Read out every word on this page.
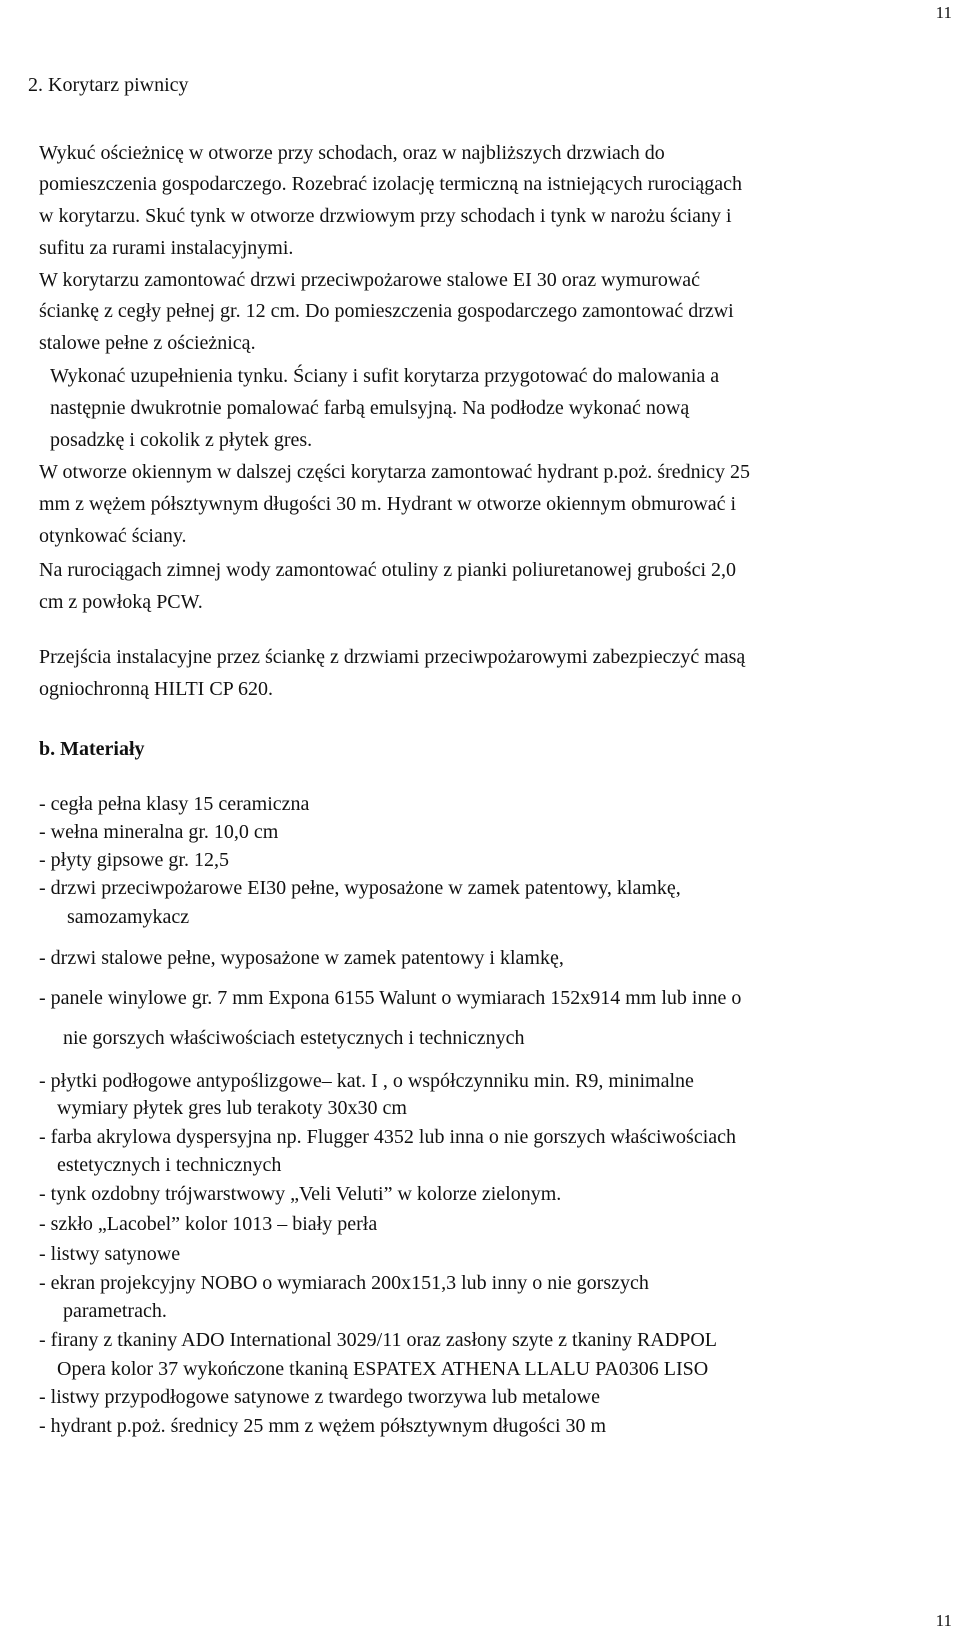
11
2. Korytarz piwnicy
Wykuć ościeżnicę w otworze przy schodach, oraz w najbliższych drzwiach do
pomieszczenia gospodarczego. Rozebrać izolację termiczną na istniejących rurociągach
w korytarzu. Skuć tynk w otworze drzwiowym przy schodach i tynk w narożu ściany i
sufitu za rurami instalacyjnymi.
W korytarzu zamontować drzwi przeciwpożarowe stalowe EI 30 oraz wymurować
ściankę z cegły pełnej gr. 12 cm. Do pomieszczenia gospodarczego zamontować drzwi
stalowe pełne z ościeżnicą.
Wykonać uzupełnienia tynku. Ściany i sufit korytarza przygotować do malowania a
następnie dwukrotnie pomalować farbą emulsyjną. Na podłodze wykonać nową
posadzkę i cokolik z płytek gres.
W otworze okiennym w dalszej części korytarza zamontować hydrant p.poż. średnicy 25
mm z wężem półsztywnym długości 30 m. Hydrant w otworze okiennym obmurować i
otynkować ściany.
Na rurociągach zimnej wody zamontować otuliny z pianki poliuretanowej grubości 2,0
cm z powłoką PCW.
Przejścia instalacyjne przez ściankę z drzwiami przeciwpożarowymi zabezpieczyć masą
ogniochronną HILTI CP 620.
b. Materiały
- cegła pełna klasy 15 ceramiczna
- wełna mineralna gr. 10,0 cm
- płyty gipsowe gr. 12,5
- drzwi przeciwpożarowe EI30 pełne, wyposażone w zamek patentowy, klamkę,
samozamykacz
- drzwi stalowe pełne, wyposażone w zamek patentowy i klamkę,
- panele winylowe gr. 7 mm Expona 6155 Walunt o wymiarach 152x914 mm lub inne o
nie gorszych właściwościach estetycznych i technicznych
- płytki podłogowe antypoślizgowe– kat. I , o współczynniku min. R9, minimalne
wymiary płytek gres lub terakoty 30x30 cm
- farba akrylowa dyspersyjna np. Flugger 4352 lub inna o nie gorszych właściwościach
estetycznych i technicznych
- tynk ozdobny trójwarstwowy „Veli Veluti” w kolorze zielonym.
- szkło „Lacobel” kolor 1013 – biały perła
- listwy satynowe
- ekran projekcyjny NOBO o wymiarach 200x151,3 lub inny o nie gorszych
parametrach.
- firany z tkaniny ADO International 3029/11 oraz zasłony szyte z tkaniny RADPOL
Opera kolor 37 wykończone tkaniną ESPATEX ATHENA LLALU PA0306 LISO
- listwy przypodłogowe satynowe z twardego tworzywa lub metalowe
- hydrant p.poż. średnicy 25 mm z wężem półsztywnym długości 30 m
11
